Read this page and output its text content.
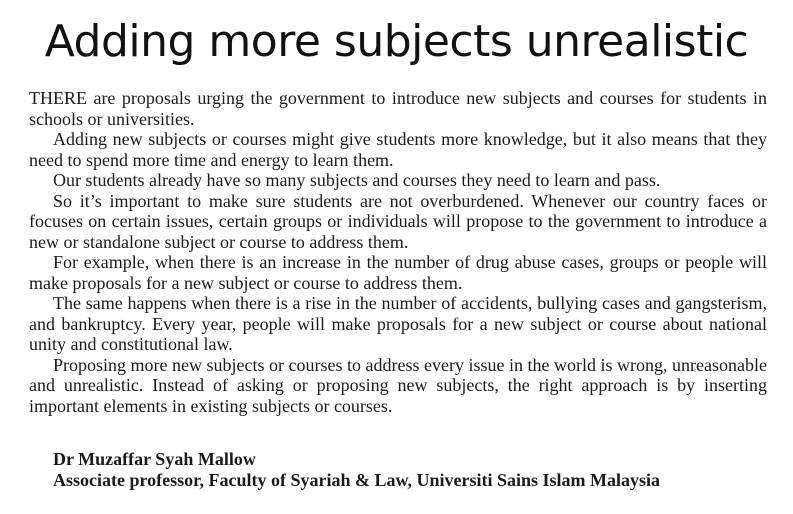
Adding more subjects unrealistic

THERE are proposals urging the government to introduce new subjects and courses for students in schools or universities.

Adding new subjects or courses might give students more knowledge, but it also means that they need to spend more time and energy to learn them.

Our students already have so many subjects and courses they need to learn and pass.

So it’s important to make sure students are not overburdened. Whenever our country faces or focuses on certain issues, certain groups or individuals will propose to the government to introduce a new or standalone subject or course to address them.

For example, when there is an increase in the number of drug abuse cases, groups or people will make proposals for a new subject or course to address them.

The same happens when there is a rise in the number of accidents, bullying cases and gangsterism, and bankruptcy. Every year, people will make proposals for a new subject or course about national unity and constitutional law.

Proposing more new subjects or courses to address every issue in the world is wrong, unreasonable and unrealistic. Instead of asking or proposing new subjects, the right approach is by inserting important elements in existing subjects or courses.

Dr Muzaffar Syah Mallow
Associate professor, Faculty of Syariah & Law, Universiti Sains Islam Malaysia
